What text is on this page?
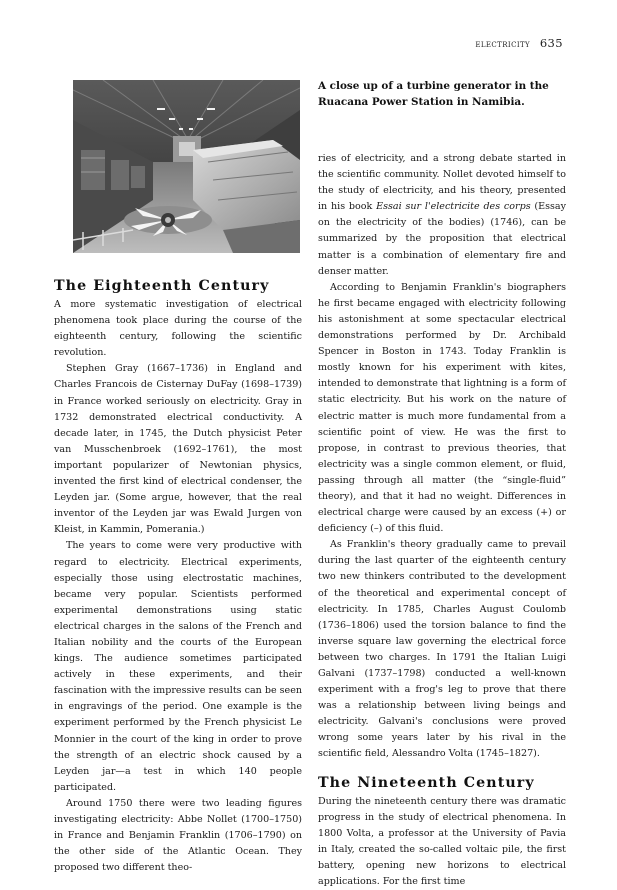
electricity 635
A close up of a turbine generator in the Ruacana Power Station in Namibia.
The Eighteenth Century

A more systematic investigation of electrical phenomena took place during the course of the eighteenth century, following the scientific revolution.

Stephen Gray (1667–1736) in England and Charles Francois de Cisternay DuFay (1698–1739) in France worked seriously on electricity. Gray in 1732 demonstrated electrical conductivity. A decade later, in 1745, the Dutch physicist Peter van Musschenbroek (1692–1761), the most important popularizer of Newtonian physics, invented the first kind of electrical condenser, the Leyden jar. (Some argue, however, that the real inventor of the Leyden jar was Ewald Jurgen von Kleist, in Kammin, Pomerania.)

The years to come were very productive with regard to electricity. Electrical experiments, especially those using electrostatic machines, became very popular. Scientists performed experimental demonstrations using static electrical charges in the salons of the French and Italian nobility and the courts of the European kings. The audience sometimes participated actively in these experiments, and their fascination with the impressive results can be seen in engravings of the period. One example is the experiment performed by the French physicist Le Monnier in the court of the king in order to prove the strength of an electric shock caused by a Leyden jar—a test in which 140 people participated.

Around 1750 there were two leading figures investigating electricity: Abbe Nollet (1700–1750) in France and Benjamin Franklin (1706–1790) on the other side of the Atlantic Ocean. They proposed two different theo-

ries of electricity, and a strong debate started in the scientific community. Nollet devoted himself to the study of electricity, and his theory, presented in his book Essai sur l'electricite des corps (Essay on the electricity of the bodies) (1746), can be summarized by the proposition that electrical matter is a combination of elementary fire and denser matter.

According to Benjamin Franklin's biographers he first became engaged with electricity following his astonishment at some spectacular electrical demonstrations performed by Dr. Archibald Spencer in Boston in 1743. Today Franklin is mostly known for his experiment with kites, intended to demonstrate that lightning is a form of static electricity. But his work on the nature of electric matter is much more fundamental from a scientific point of view. He was the first to propose, in contrast to previous theories, that electricity was a single common element, or fluid, passing through all matter (the “single-fluid” theory), and that it had no weight. Differences in electrical charge were caused by an excess (+) or deficiency (–) of this fluid.

As Franklin's theory gradually came to prevail during the last quarter of the eighteenth century two new thinkers contributed to the development of the theoretical and experimental concept of electricity. In 1785, Charles August Coulomb (1736–1806) used the torsion balance to find the inverse square law governing the electrical force between two charges. In 1791 the Italian Luigi Galvani (1737–1798) conducted a well-known experiment with a frog's leg to prove that there was a relationship between living beings and electricity. Galvani's conclusions were proved wrong some years later by his rival in the scientific field, Alessandro Volta (1745–1827).

The Nineteenth Century

During the nineteenth century there was dramatic progress in the study of electrical phenomena. In 1800 Volta, a professor at the University of Pavia in Italy, created the so-called voltaic pile, the first battery, opening new horizons to electrical applications. For the first time
